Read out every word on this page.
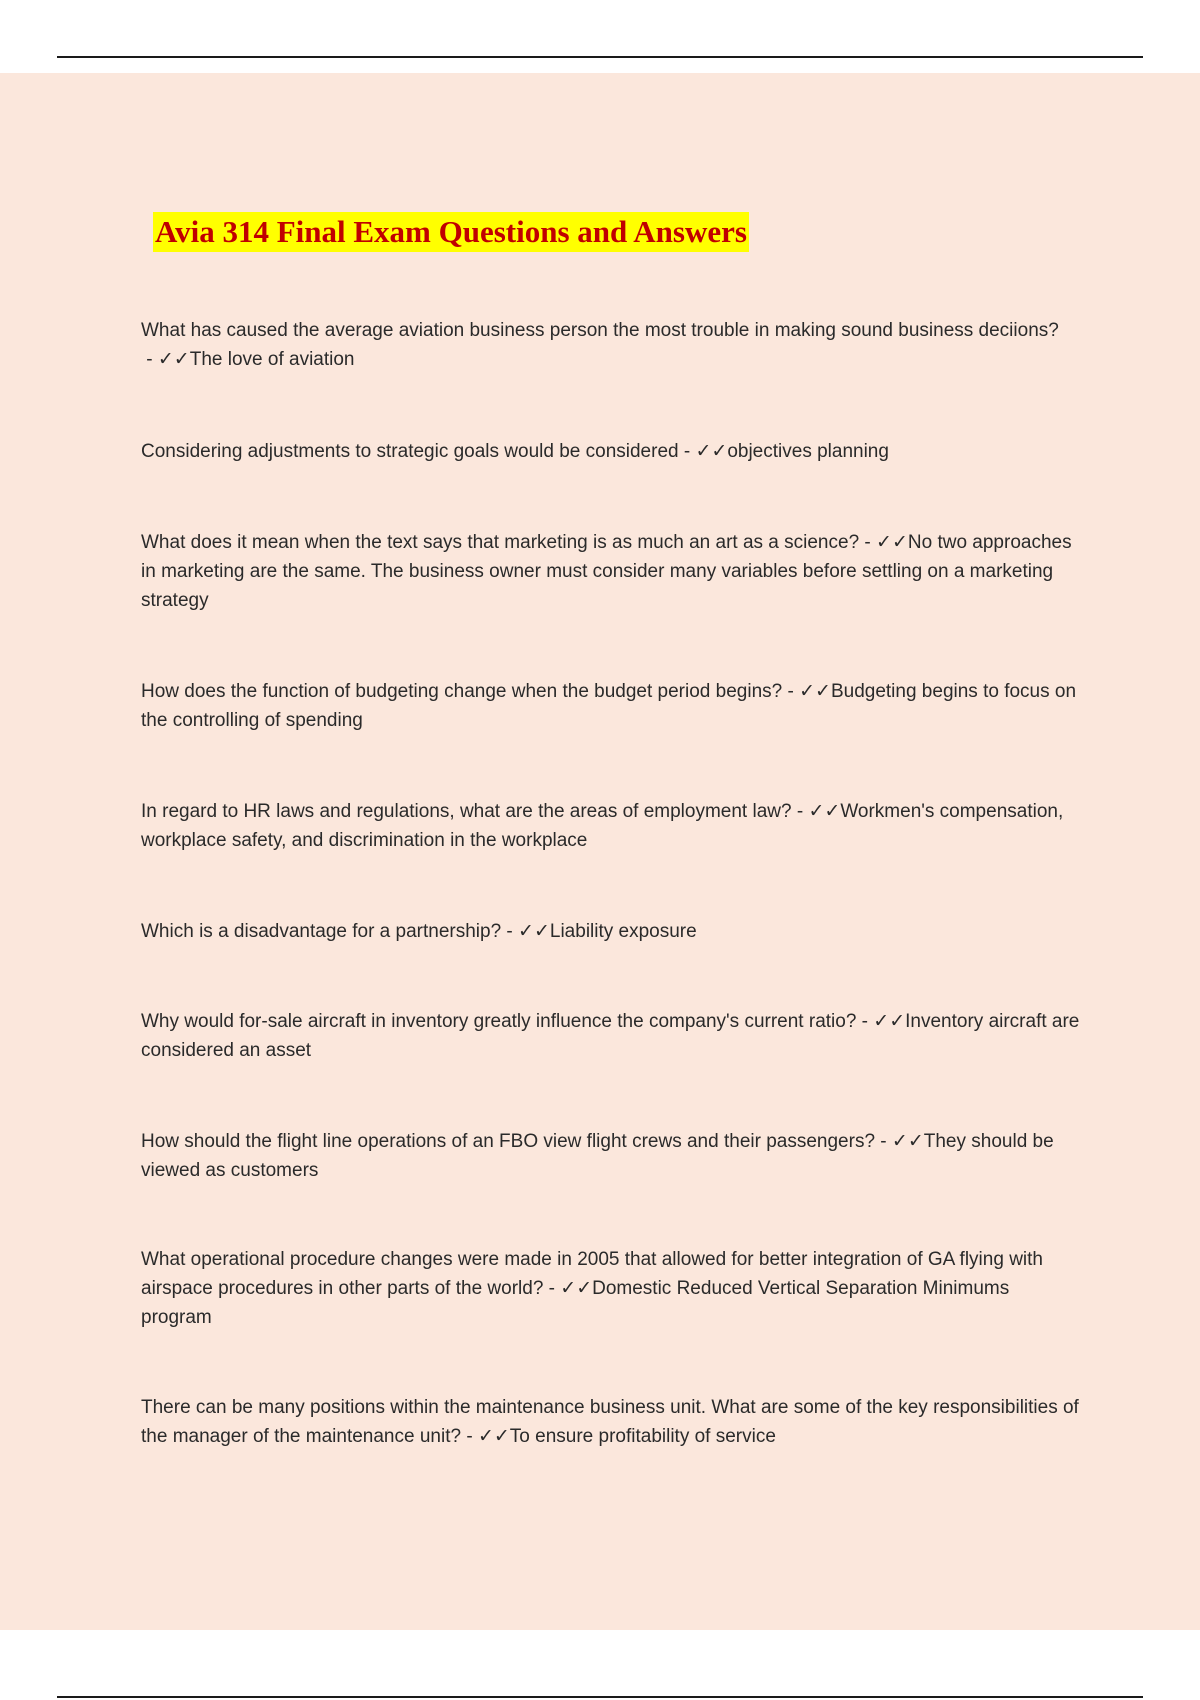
Avia 314 Final Exam Questions and Answers

What has caused the average aviation business person the most trouble in making sound business deciions? - ✓✓The love of aviation

Considering adjustments to strategic goals would be considered - ✓✓objectives planning

What does it mean when the text says that marketing is as much an art as a science? - ✓✓No two approaches in marketing are the same. The business owner must consider many variables before settling on a marketing strategy

How does the function of budgeting change when the budget period begins? - ✓✓Budgeting begins to focus on the controlling of spending

In regard to HR laws and regulations, what are the areas of employment law? - ✓✓Workmen's compensation, workplace safety, and discrimination in the workplace

Which is a disadvantage for a partnership? - ✓✓Liability exposure

Why would for-sale aircraft in inventory greatly influence the company's current ratio? - ✓✓Inventory aircraft are considered an asset

How should the flight line operations of an FBO view flight crews and their passengers? - ✓✓They should be viewed as customers

What operational procedure changes were made in 2005 that allowed for better integration of GA flying with airspace procedures in other parts of the world? - ✓✓Domestic Reduced Vertical Separation Minimums program

There can be many positions within the maintenance business unit. What are some of the key responsibilities of the manager of the maintenance unit? - ✓✓To ensure profitability of service
